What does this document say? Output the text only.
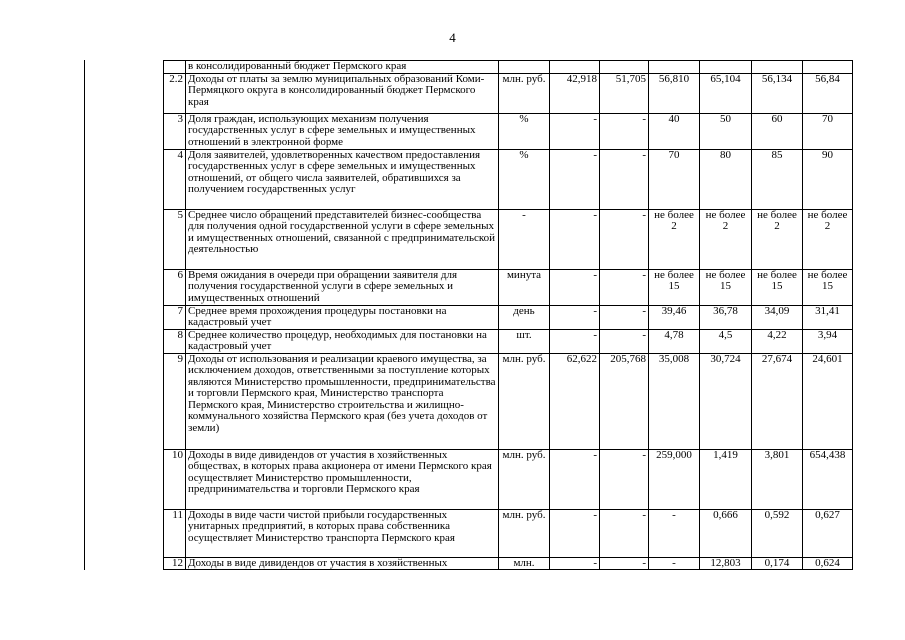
4
	в консолидированный бюджет Пермского края							
2.2	Доходы от платы за землю муниципальных образований Коми-Пермяцкого округа в консолидированный бюджет Пермского края	млн. руб.	42,918	51,705	56,810	65,104	56,134	56,84
3	Доля граждан, использующих механизм получения государственных услуг в сфере земельных и имущественных отношений в электронной форме	%	-	-	40	50	60	70
4	Доля заявителей, удовлетворенных качеством предоставления государственных услуг в сфере земельных и имущественных отношений, от общего числа заявителей, обратившихся за получением государственных услуг	%	-	-	70	80	85	90
5	Среднее число обращений представителей бизнес-сообщества для получения одной государственной услуги в сфере земельных и имущественных отношений, связанной с предпринимательской деятельностью	-	-	-	не более 2	не более 2	не более 2	не более 2
6	Время ожидания в очереди при обращении заявителя для получения государственной услуги в сфере земельных и имущественных отношений	минута	-	-	не более 15	не более 15	не более 15	не более 15
7	Среднее время прохождения процедуры постановки на кадастровый учет	день	-	-	39,46	36,78	34,09	31,41
8	Среднее количество процедур, необходимых для постановки на кадастровый учет	шт.	-	-	4,78	4,5	4,22	3,94
9	Доходы от использования и реализации краевого имущества, за исключением доходов, ответственными за поступление которых являются Министерство промышленности, предпринимательства и торговли Пермского края, Министерство транспорта Пермского края, Министерство строительства и жилищно-коммунального хозяйства Пермского края (без учета доходов от земли)	млн. руб.	62,622	205,768	35,008	30,724	27,674	24,601
10	Доходы в виде дивидендов от участия в хозяйственных обществах, в которых права акционера от имени Пермского края осуществляет Министерство промышленности, предпринимательства и торговли Пермского края	млн. руб.	-	-	259,000	1,419	3,801	654,438
11	Доходы в виде части чистой прибыли государственных унитарных предприятий, в которых права собственника осуществляет Министерство транспорта Пермского края	млн. руб.	-	-	-	0,666	0,592	0,627
12	Доходы в виде дивидендов от участия в хозяйственных	млн.	-	-	-	12,803	0,174	0,624
